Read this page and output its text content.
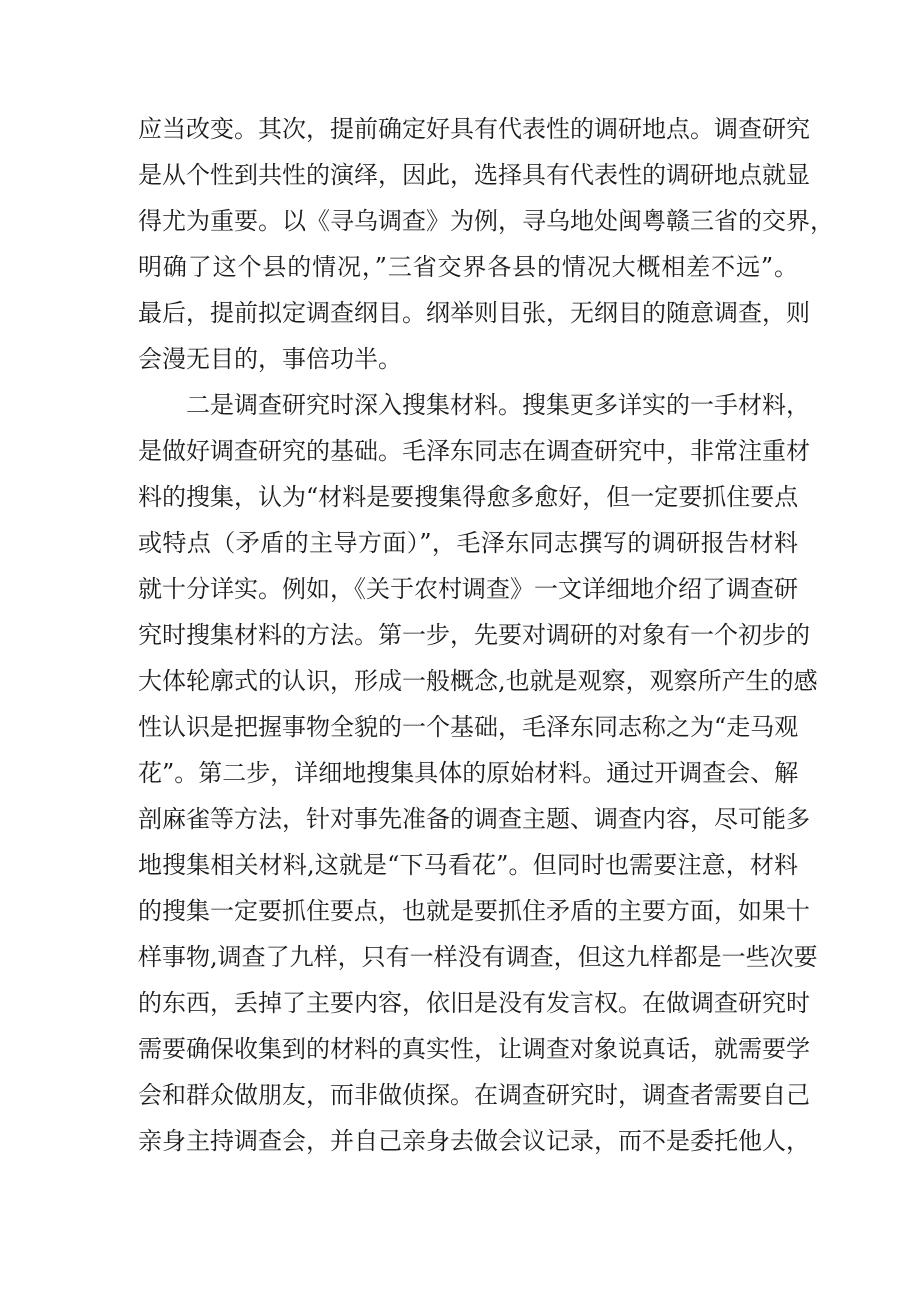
应当改变。其次，提前确定好具有代表性的调研地点。调查研究
是从个性到共性的演绎，因此，选择具有代表性的调研地点就显
得尤为重要。以《寻乌调查》为例，寻乌地处闽粤赣三省的交界，
明确了这个县的情况，”三省交界各县的情况大概相差不远”。
最后，提前拟定调查纲目。纲举则目张，无纲目的随意调查，则
会漫无目的，事倍功半。
二是调查研究时深入搜集材料。搜集更多详实的一手材料，
是做好调查研究的基础。毛泽东同志在调查研究中，非常注重材
料的搜集，认为“材料是要搜集得愈多愈好，但一定要抓住要点
或特点（矛盾的主导方面）”，毛泽东同志撰写的调研报告材料
就十分详实。例如，《关于农村调查》一文详细地介绍了调查研
究时搜集材料的方法。第一步，先要对调研的对象有一个初步的
大体轮廓式的认识，形成一般概念,也就是观察，观察所产生的感
性认识是把握事物全貌的一个基础，毛泽东同志称之为“走马观
花”。第二步，详细地搜集具体的原始材料。通过开调查会、解
剖麻雀等方法，针对事先准备的调查主题、调查内容，尽可能多
地搜集相关材料,这就是“下马看花”。但同时也需要注意，材料
的搜集一定要抓住要点，也就是要抓住矛盾的主要方面，如果十
样事物,调查了九样，只有一样没有调查，但这九样都是一些次要
的东西，丢掉了主要内容，依旧是没有发言权。在做调查研究时
需要确保收集到的材料的真实性，让调查对象说真话，就需要学
会和群众做朋友，而非做侦探。在调查研究时，调查者需要自己
亲身主持调查会，并自己亲身去做会议记录，而不是委托他人，
